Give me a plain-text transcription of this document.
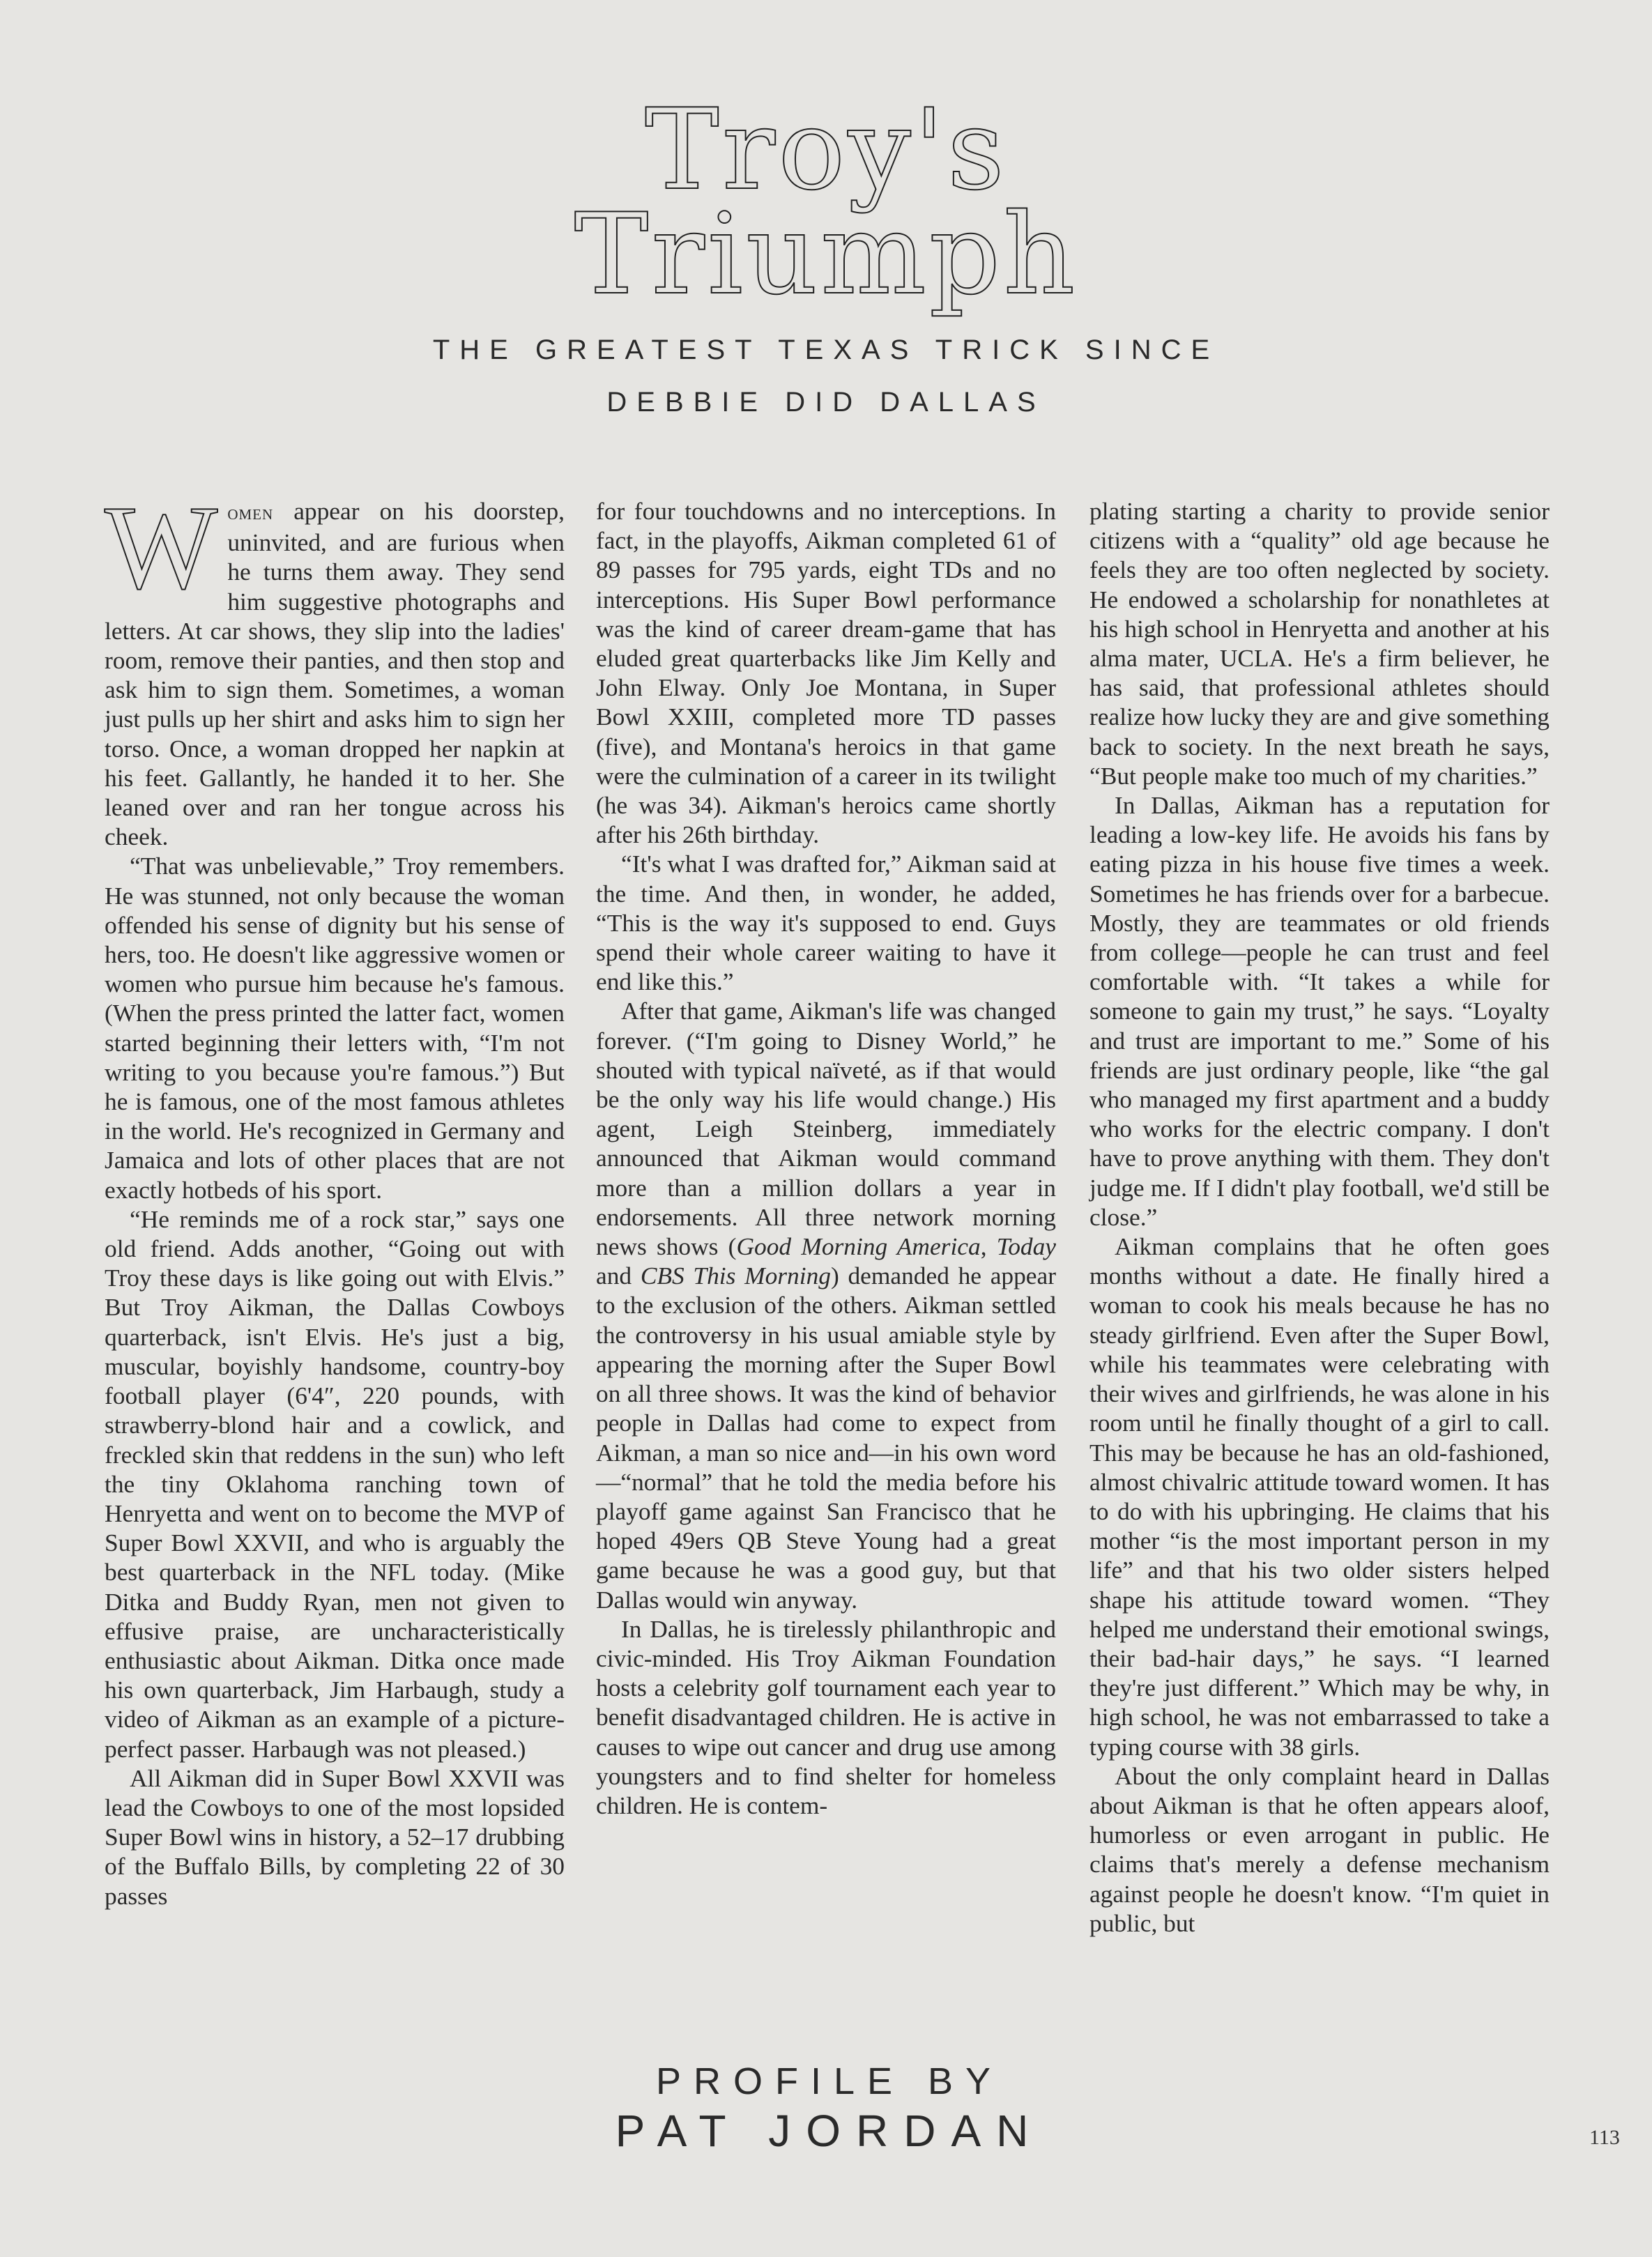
Troy's
Triumph
THE GREATEST TEXAS TRICK SINCE
DEBBIE DID DALLAS

Women appear on his doorstep, uninvited, and are furious when he turns them away. They send him suggestive photographs and letters. At car shows, they slip into the ladies' room, remove their panties, and then stop and ask him to sign them. Sometimes, a woman just pulls up her shirt and asks him to sign her torso. Once, a woman dropped her napkin at his feet. Gallantly, he handed it to her. She leaned over and ran her tongue across his cheek.

“That was unbelievable,” Troy remembers. He was stunned, not only because the woman offended his sense of dignity but his sense of hers, too. He doesn't like aggressive women or women who pursue him because he's famous. (When the press printed the latter fact, women started beginning their letters with, “I'm not writing to you because you're famous.”) But he is famous, one of the most famous athletes in the world. He's recognized in Germany and Jamaica and lots of other places that are not exactly hotbeds of his sport.

“He reminds me of a rock star,” says one old friend. Adds another, “Going out with Troy these days is like going out with Elvis.” But Troy Aikman, the Dallas Cowboys quarterback, isn't Elvis. He's just a big, muscular, boyishly handsome, country-boy football player (6'4″, 220 pounds, with strawberry-blond hair and a cowlick, and freckled skin that reddens in the sun) who left the tiny Oklahoma ranching town of Henryetta and went on to become the MVP of Super Bowl XXVII, and who is arguably the best quarterback in the NFL today. (Mike Ditka and Buddy Ryan, men not given to effusive praise, are uncharacteristically enthusiastic about Aikman. Ditka once made his own quarterback, Jim Harbaugh, study a video of Aikman as an example of a picture-perfect passer. Harbaugh was not pleased.)

All Aikman did in Super Bowl XXVII was lead the Cowboys to one of the most lopsided Super Bowl wins in history, a 52–17 drubbing of the Buffalo Bills, by completing 22 of 30 passes

for four touchdowns and no interceptions. In fact, in the playoffs, Aikman completed 61 of 89 passes for 795 yards, eight TDs and no interceptions. His Super Bowl performance was the kind of career dream-game that has eluded great quarterbacks like Jim Kelly and John Elway. Only Joe Montana, in Super Bowl XXIII, completed more TD passes (five), and Montana's heroics in that game were the culmination of a career in its twilight (he was 34). Aikman's heroics came shortly after his 26th birthday.

“It's what I was drafted for,” Aikman said at the time. And then, in wonder, he added, “This is the way it's supposed to end. Guys spend their whole career waiting to have it end like this.”

After that game, Aikman's life was changed forever. (“I'm going to Disney World,” he shouted with typical naïveté, as if that would be the only way his life would change.) His agent, Leigh Steinberg, immediately announced that Aikman would command more than a million dollars a year in endorsements. All three network morning news shows (Good Morning America, Today and CBS This Morning) demanded he appear to the exclusion of the others. Aikman settled the controversy in his usual amiable style by appearing the morning after the Super Bowl on all three shows. It was the kind of behavior people in Dallas had come to expect from Aikman, a man so nice and—in his own word—“normal” that he told the media before his playoff game against San Francisco that he hoped 49ers QB Steve Young had a great game because he was a good guy, but that Dallas would win anyway.

In Dallas, he is tirelessly philanthropic and civic-minded. His Troy Aikman Foundation hosts a celebrity golf tournament each year to benefit disadvantaged children. He is active in causes to wipe out cancer and drug use among youngsters and to find shelter for homeless children. He is contem-

PROFILE BY
PAT JORDAN

plating starting a charity to provide senior citizens with a “quality” old age because he feels they are too often neglected by society. He endowed a scholarship for nonathletes at his high school in Henryetta and another at his alma mater, UCLA. He's a firm believer, he has said, that professional athletes should realize how lucky they are and give something back to society. In the next breath he says, “But people make too much of my charities.”

In Dallas, Aikman has a reputation for leading a low-key life. He avoids his fans by eating pizza in his house five times a week. Sometimes he has friends over for a barbecue. Mostly, they are teammates or old friends from college—people he can trust and feel comfortable with. “It takes a while for someone to gain my trust,” he says. “Loyalty and trust are important to me.” Some of his friends are just ordinary people, like “the gal who managed my first apartment and a buddy who works for the electric company. I don't have to prove anything with them. They don't judge me. If I didn't play football, we'd still be close.”

Aikman complains that he often goes months without a date. He finally hired a woman to cook his meals because he has no steady girlfriend. Even after the Super Bowl, while his teammates were celebrating with their wives and girlfriends, he was alone in his room until he finally thought of a girl to call. This may be because he has an old-fashioned, almost chivalric attitude toward women. It has to do with his upbringing. He claims that his mother “is the most important person in my life” and that his two older sisters helped shape his attitude toward women. “They helped me understand their emotional swings, their bad-hair days,” he says. “I learned they're just different.” Which may be why, in high school, he was not embarrassed to take a typing course with 38 girls.

About the only complaint heard in Dallas about Aikman is that he often appears aloof, humorless or even arrogant in public. He claims that's merely a defense mechanism against people he doesn't know. “I'm quiet in public, but

113
